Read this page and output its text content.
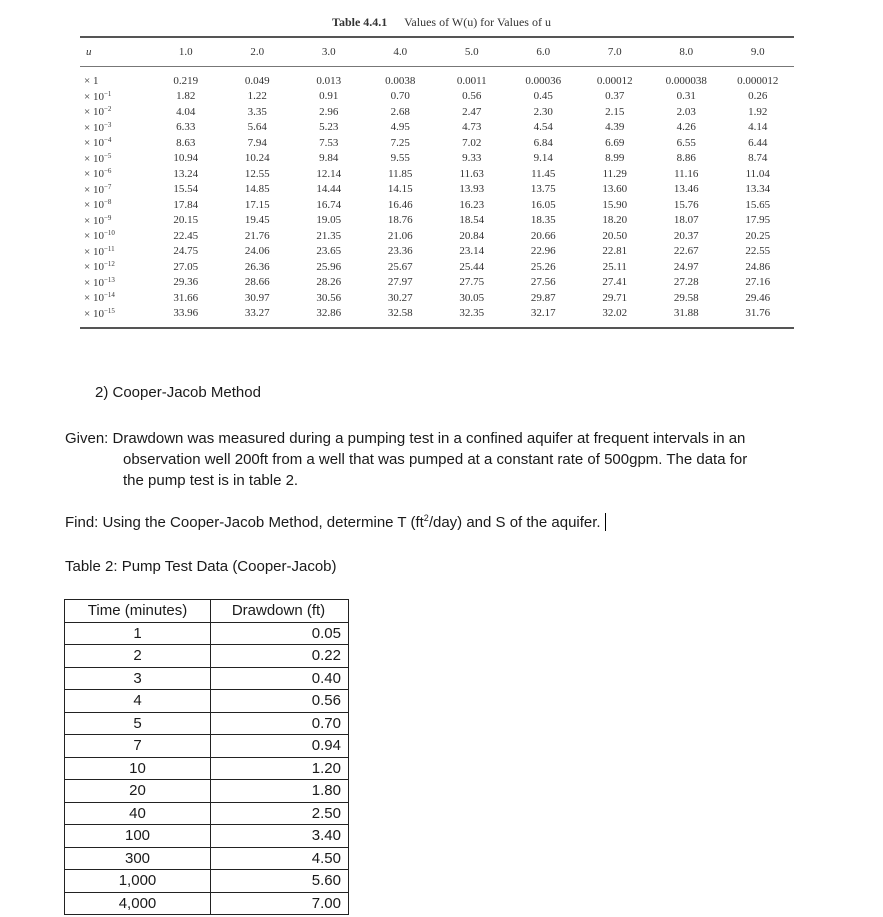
Table 4.4.1 Values of W(u) for Values of u
u	1.0	2.0	3.0	4.0	5.0	6.0	7.0	8.0	9.0
× 1	0.219	0.049	0.013	0.0038	0.0011	0.00036	0.00012	0.000038	0.000012
× $10^{-1}$	1.82	1.22	0.91	0.70	0.56	0.45	0.37	0.31	0.26
× $10^{-2}$	4.04	3.35	2.96	2.68	2.47	2.30	2.15	2.03	1.92
× $10^{-3}$	6.33	5.64	5.23	4.95	4.73	4.54	4.39	4.26	4.14
× $10^{-4}$	8.63	7.94	7.53	7.25	7.02	6.84	6.69	6.55	6.44
× $10^{-5}$	10.94	10.24	9.84	9.55	9.33	9.14	8.99	8.86	8.74
× $10^{-6}$	13.24	12.55	12.14	11.85	11.63	11.45	11.29	11.16	11.04
× $10^{-7}$	15.54	14.85	14.44	14.15	13.93	13.75	13.60	13.46	13.34
× $10^{-8}$	17.84	17.15	16.74	16.46	16.23	16.05	15.90	15.76	15.65
× $10^{-9}$	20.15	19.45	19.05	18.76	18.54	18.35	18.20	18.07	17.95
× $10^{-10}$	22.45	21.76	21.35	21.06	20.84	20.66	20.50	20.37	20.25
× $10^{-11}$	24.75	24.06	23.65	23.36	23.14	22.96	22.81	22.67	22.55
× $10^{-12}$	27.05	26.36	25.96	25.67	25.44	25.26	25.11	24.97	24.86
× $10^{-13}$	29.36	28.66	28.26	27.97	27.75	27.56	27.41	27.28	27.16
× $10^{-14}$	31.66	30.97	30.56	30.27	30.05	29.87	29.71	29.58	29.46
× $10^{-15}$	33.96	33.27	32.86	32.58	32.35	32.17	32.02	31.88	31.76
2) Cooper-Jacob Method
Given: Drawdown was measured during a pumping test in a confined aquifer at frequent intervals in an
observation well 200ft from a well that was pumped at a constant rate of 500gpm. The data for
the pump test is in table 2.
Find: Using the Cooper-Jacob Method, determine T $(ft^2/day)$ and S of the aquifer.
Table 2: Pump Test Data (Cooper-Jacob)
Time (minutes)	Drawdown (ft)
1	0.05
2	0.22
3	0.40
4	0.56
5	0.70
7	0.94
10	1.20
20	1.80
40	2.50
100	3.40
300	4.50
1,000	5.60
4,000	7.00
